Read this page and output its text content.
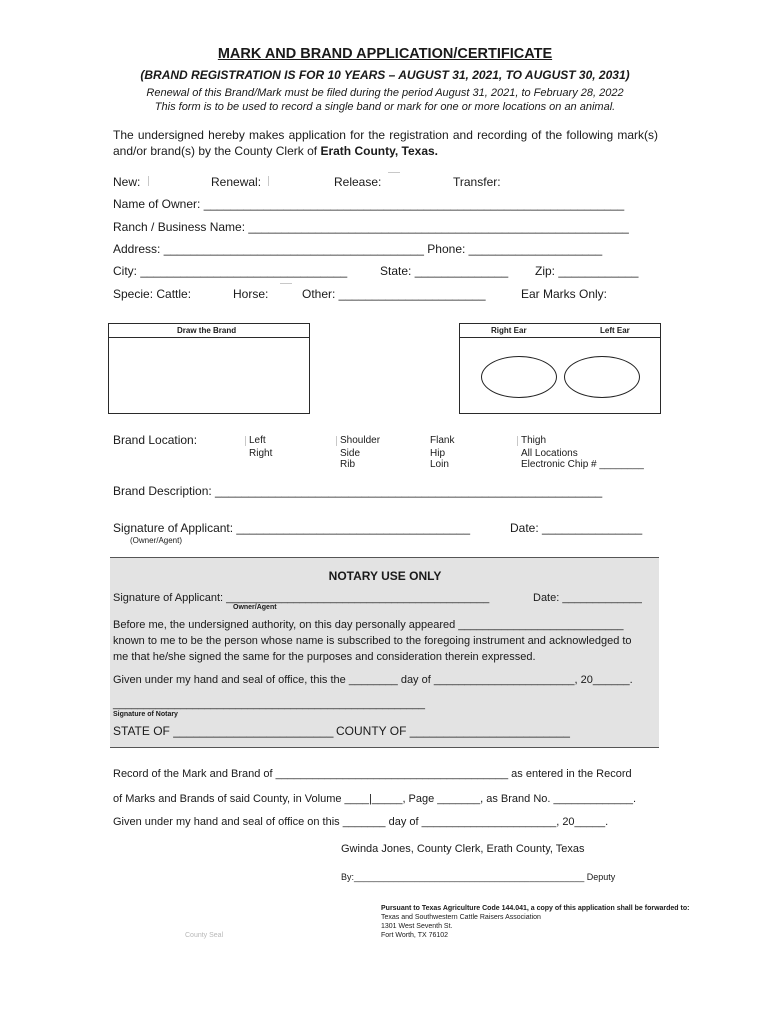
MARK AND BRAND APPLICATION/CERTIFICATE
(BRAND REGISTRATION IS FOR 10 YEARS – AUGUST 31, 2021, TO AUGUST 30, 2031)
Renewal of this Brand/Mark must be filed during the period August 31, 2021, to February 28, 2022
This form is to be used to record a single band or mark for one or more locations on an animal.
The undersigned hereby makes application for the registration and recording of the following mark(s) and/or brand(s) by the County Clerk of Erath County, Texas.
New:	Renewal:	Release:	Transfer:
Name of Owner: _______________________________________________________________
Ranch / Business Name: _________________________________________________________
Address: _______________________________________ Phone: ____________________
City: _______________________________	State: ______________ Zip: ____________
Specie: Cattle:	Horse:	Other: ______________________	Ear Marks Only:
Draw the Brand	Right Ear	Left Ear
Brand Location:	Left
Right
Shoulder
Side
Rib
Flank
Hip
Loin
Thigh
All Locations
Electronic Chip # ________
Brand Description: __________________________________________________________
Signature of Applicant: ___________________________________	Date: _______________
(Owner/Agent)
NOTARY USE ONLY
Signature of Applicant: ___________________________________________	Date: _____________
Owner/Agent
Before me, the undersigned authority, on this day personally appeared ___________________________
known to me to be the person whose name is subscribed to the foregoing instrument and acknowledged to
me that he/she signed the same for the purposes and consideration therein expressed.
Given under my hand and seal of office, this the ________ day of _______________________, 20______.
___________________________________________________
Signature of Notary
STATE OF ________________________ COUNTY OF ________________________
Record of the Mark and Brand of ______________________________________ as entered in the Record
of Marks and Brands of said County, in Volume ____|_____, Page _______, as Brand No. _____________.
Given under my hand and seal of office on this _______ day of ______________________, 20_____.
Gwinda Jones, County Clerk, Erath County, Texas
By:______________________________________________ Deputy
Pursuant to Texas Agriculture Code 144.041, a copy of this application shall be forwarded to:
Texas and Southwestern Cattle Raisers Association
1301 West Seventh St.
Fort Worth, TX 76102
County Seal
